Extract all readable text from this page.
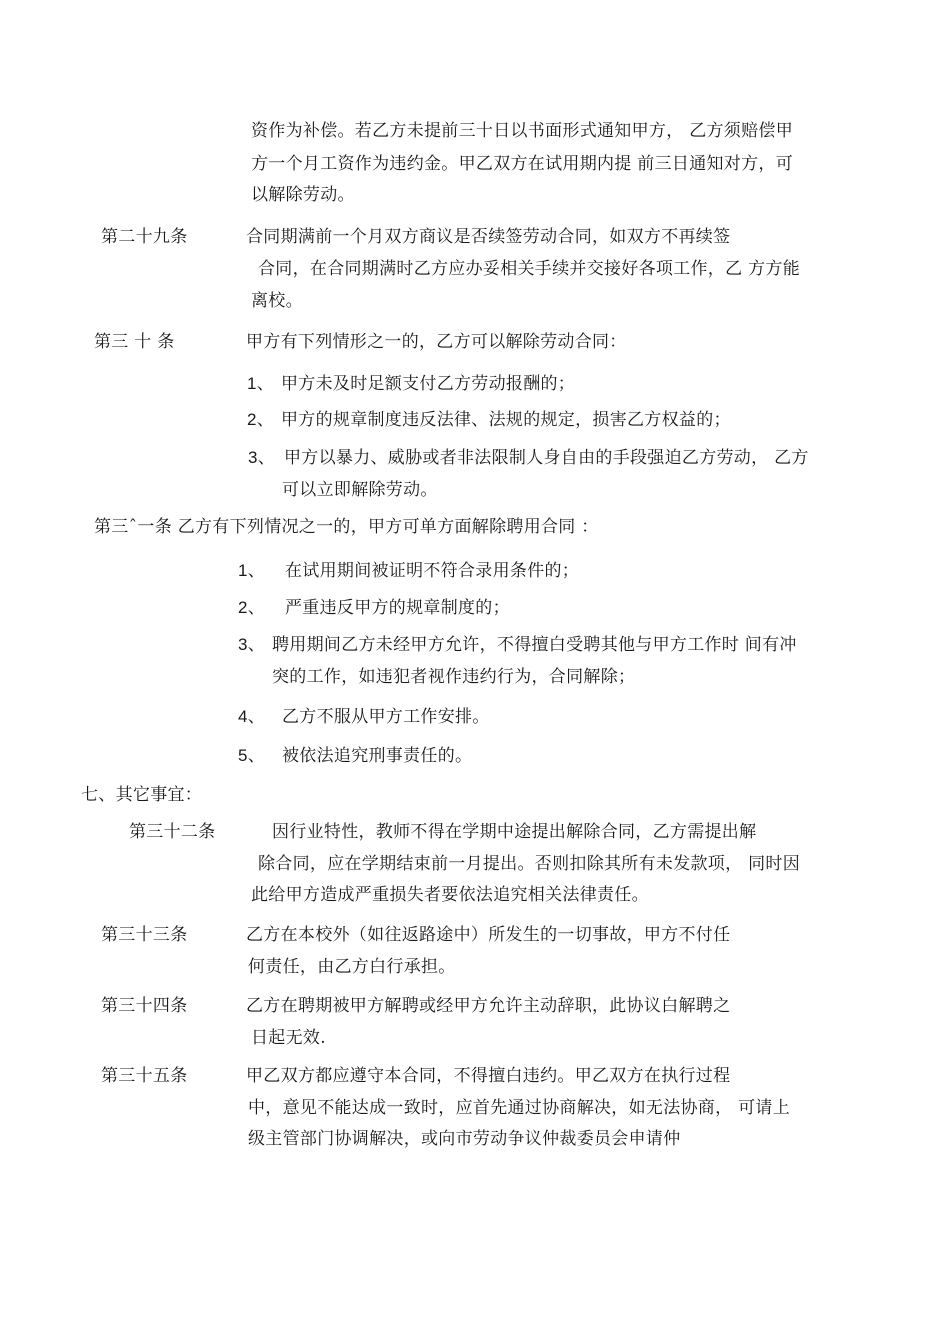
资作为补偿。若乙方未提前三十日以书面形式通知甲方， 乙方须赔偿甲
方一个月工资作为违约金。甲乙双方在试用期内提 前三日通知对方，可
以解除劳动。
第二十九条	合同期满前一个月双方商议是否续签劳动合同，如双方不再续签
合同，在合同期满时乙方应办妥相关手续并交接好各项工作，乙 方方能
离校。
第三 十 条	甲方有下列情形之一的，乙方可以解除劳动合同：
1、 甲方未及时足额支付乙方劳动报酬的；
2、 甲方的规章制度违反法律、法规的规定，损害乙方权益的；
3、 甲方以暴力、威胁或者非法限制人身自由的手段强迫乙方劳动， 乙方
可以立即解除劳动。
第三ˆ一条 乙方有下列情况之一的，甲方可单方面解除聘用合同 ：
1、 在试用期间被证明不符合录用条件的；
2、 严重违反甲方的规章制度的；
3、 聘用期间乙方未经甲方允许，不得擅白受聘其他与甲方工作时 间有冲
突的工作，如违犯者视作违约行为，合同解除；
4、 乙方不服从甲方工作安排。
5、 被依法追究刑事责任的。
七、其它事宜：
第三十二条	因行业特性，教师不得在学期中途提出解除合同，乙方需提出解
除合同，应在学期结束前一月提出。否则扣除其所有未发款项， 同时因
此给甲方造成严重损失者要依法追究相关法律责任。
第三十三条	乙方在本校外（如往返路途中）所发生的一切事故，甲方不付任
何责任，由乙方白行承担。
第三十四条	乙方在聘期被甲方解聘或经甲方允许主动辞职，此协议白解聘之
日起无效.
第三十五条	甲乙双方都应遵守本合同，不得擅白违约。甲乙双方在执行过程
中，意见不能达成一致时，应首先通过协商解决，如无法协商， 可请上
级主管部门协调解决，或向市劳动争议仲裁委员会申请仲
